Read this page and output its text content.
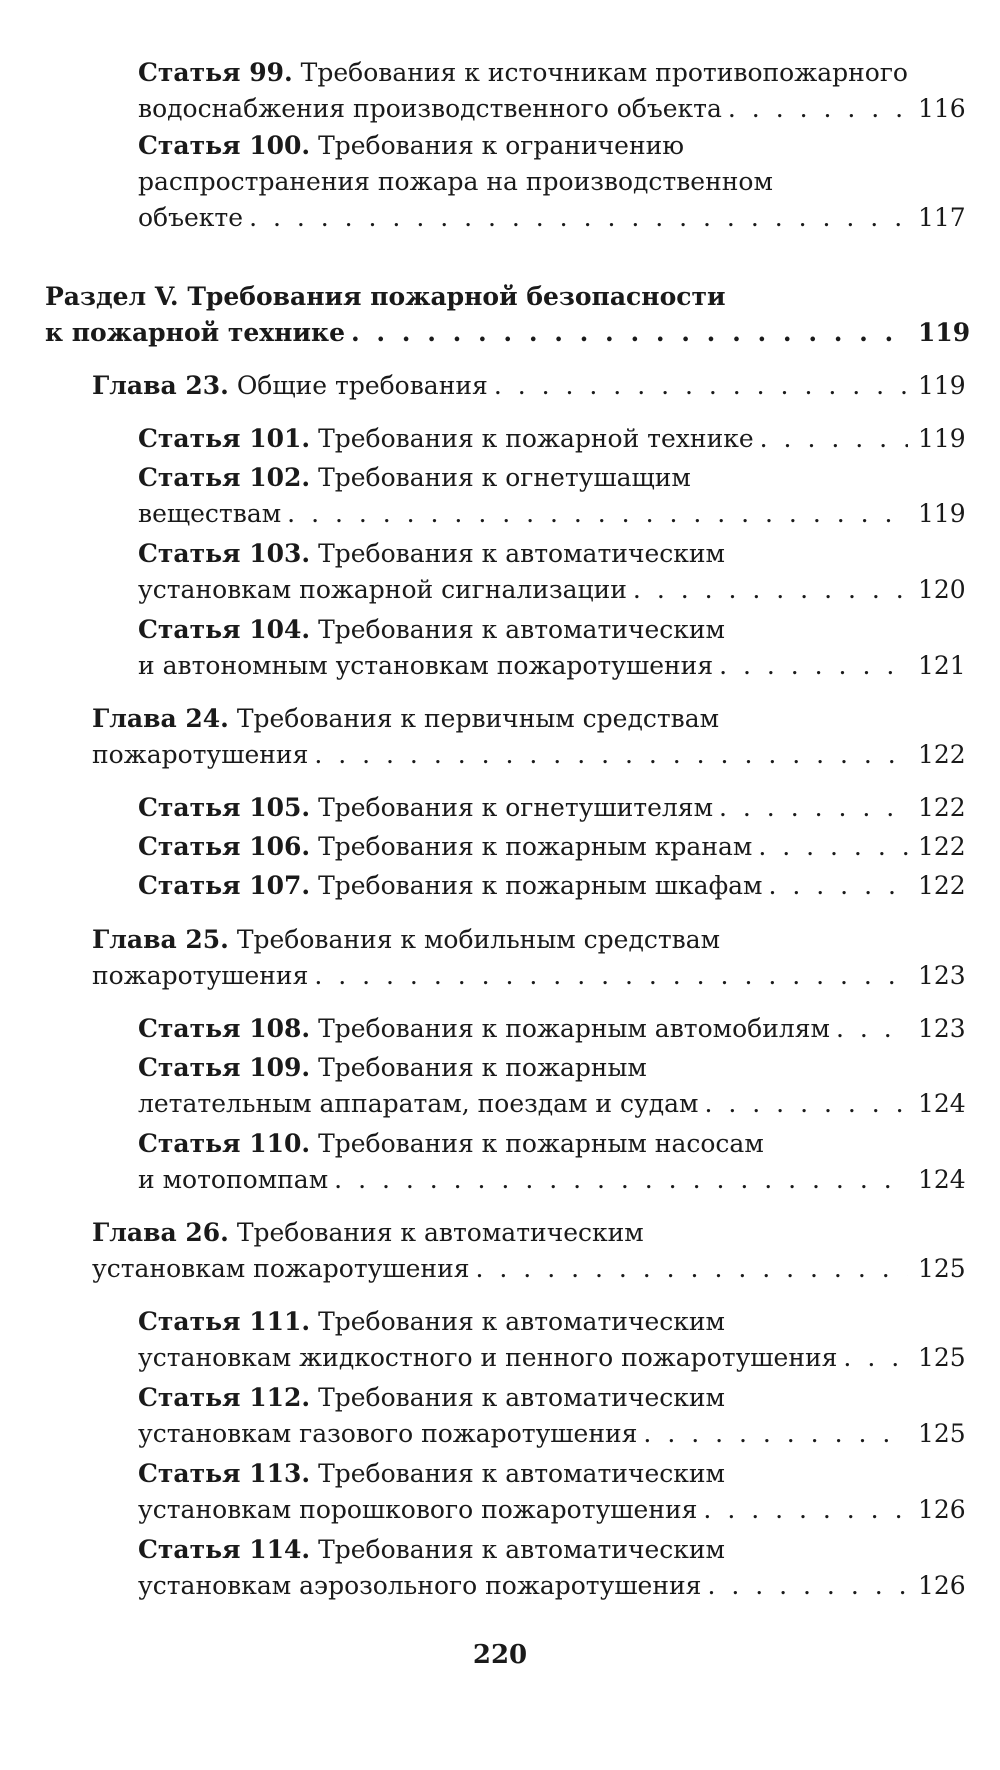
Статья 99. Требования к источникам противопожарного
водоснабжения производственного объекта . . .	116
Статья 100. Требования к ограничению
распространения пожара на производственном
объекте . . .	117
Раздел V. Требования пожарной безопасности
к пожарной технике . . .	119
Глава 23. Общие требования . . .	119
Статья 101. Требования к пожарной технике . . .	119
Статья 102. Требования к огнетушащим
веществам . . .	119
Статья 103. Требования к автоматическим
установкам пожарной сигнализации . . .	120
Статья 104. Требования к автоматическим
и автономным установкам пожаротушения . . .	121
Глава 24. Требования к первичным средствам
пожаротушения . . .	122
Статья 105. Требования к огнетушителям . . .	122
Статья 106. Требования к пожарным кранам . . .	122
Статья 107. Требования к пожарным шкафам . . .	122
Глава 25. Требования к мобильным средствам
пожаротушения . . .	123
Статья 108. Требования к пожарным автомобилям . . .	123
Статья 109. Требования к пожарным
летательным аппаратам, поездам и судам . . .	124
Статья 110. Требования к пожарным насосам
и мотопомпам . . .	124
Глава 26. Требования к автоматическим
установкам пожаротушения . . .	125
Статья 111. Требования к автоматическим
установкам жидкостного и пенного пожаротушения . . .	125
Статья 112. Требования к автоматическим
установкам газового пожаротушения . . .	125
Статья 113. Требования к автоматическим
установкам порошкового пожаротушения . . .	126
Статья 114. Требования к автоматическим
установкам аэрозольного пожаротушения . . .	126
220
